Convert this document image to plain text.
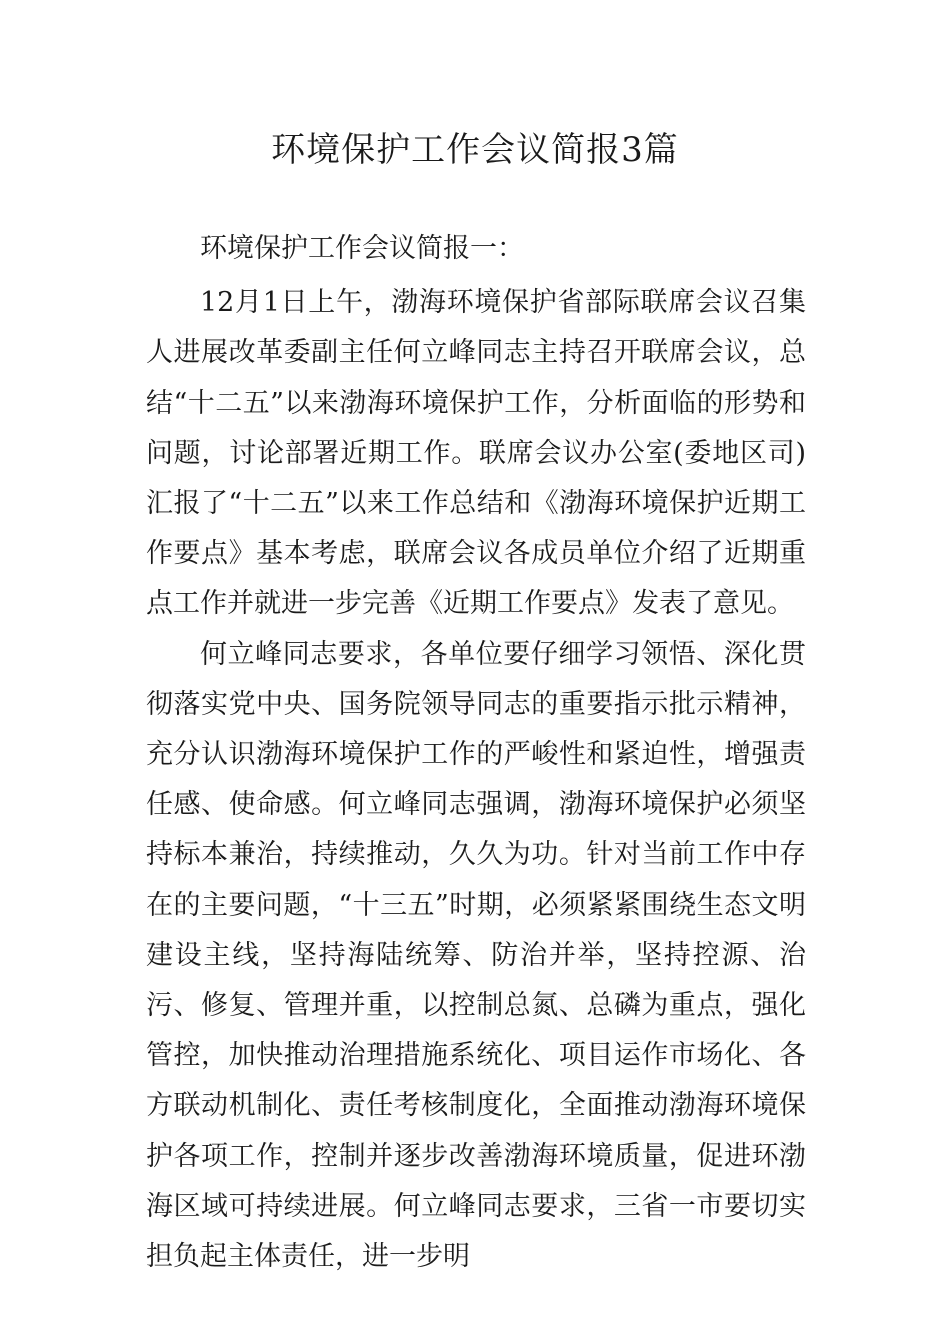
环境保护工作会议简报3篇

环境保护工作会议简报一：

12月1日上午，渤海环境保护省部际联席会议召集人进展改革委副主任何立峰同志主持召开联席会议，总结“十二五”以来渤海环境保护工作，分析面临的形势和问题，讨论部署近期工作。联席会议办公室(委地区司)汇报了“十二五”以来工作总结和《渤海环境保护近期工作要点》基本考虑，联席会议各成员单位介绍了近期重点工作并就进一步完善《近期工作要点》发表了意见。

何立峰同志要求，各单位要仔细学习领悟、深化贯彻落实党中央、国务院领导同志的重要指示批示精神，充分认识渤海环境保护工作的严峻性和紧迫性，增强责任感、使命感。何立峰同志强调，渤海环境保护必须坚持标本兼治，持续推动，久久为功。针对当前工作中存在的主要问题，“十三五”时期，必须紧紧围绕生态文明建设主线，坚持海陆统筹、防治并举，坚持控源、治污、修复、管理并重，以控制总氮、总磷为重点，强化管控，加快推动治理措施系统化、项目运作市场化、各方联动机制化、责任考核制度化，全面推动渤海环境保护各项工作，控制并逐步改善渤海环境质量，促进环渤海区域可持续进展。何立峰同志要求，三省一市要切实担负起主体责任，进一步明
